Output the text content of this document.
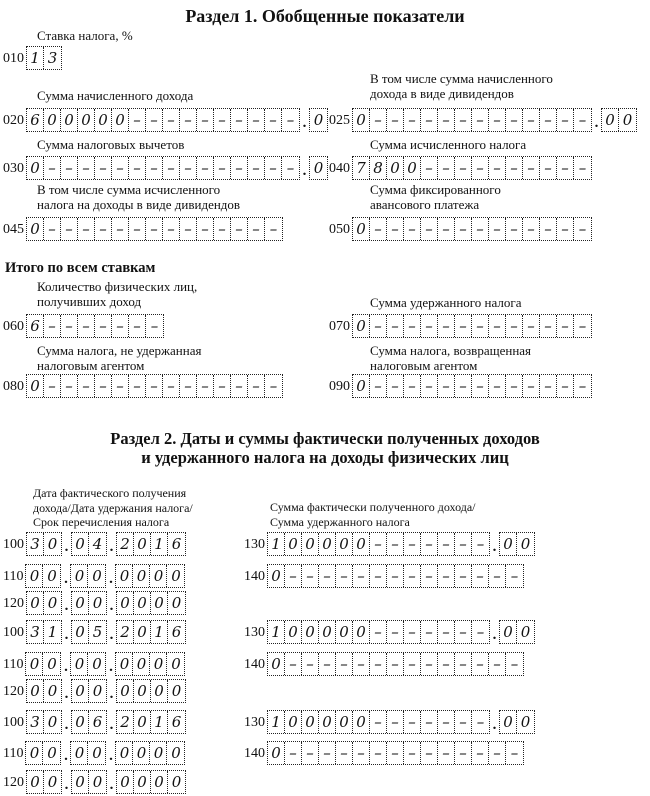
Раздел 1. Обобщенные показатели
Ставка налога, %
010 1 3
Сумма начисленного дохода
020 6 0 0 0 0 0 – – – – – – – – – – . 0
В том числе сумма начисленного
дохода в виде дивидендов
025 0 – – – – – – – – – – – – – . 0 0
Сумма налоговых вычетов
030 0 – – – – – – – – – – – – – – – . 0
Сумма исчисленного налога
040 7 8 0 0 – – – – – – – – – –
В том числе сумма исчисленного
налога на доходы в виде дивидендов
045 0 – – – – – – – – – – – – – –
Сумма фиксированного
авансового платежа
050 0 – – – – – – – – – – – – –
Итого по всем ставкам
Количество физических лиц,
получивших доход
060 6 – – – – – – –
Сумма удержанного налога
070 0 – – – – – – – – – – – – –
Сумма налога, не удержанная
налоговым агентом
080 0 – – – – – – – – – – – – – –
Сумма налога, возвращенная
налоговым агентом
090 0 – – – – – – – – – – – – –
Раздел 2. Даты и суммы фактически полученных доходов
и удержанного налога на доходы физических лиц
Дата фактического получения
дохода/Дата удержания налога/
Срок перечисления налога
Сумма фактически полученного дохода/
Сумма удержанного налога
100 3 0 . 0 4 . 2 0 1 6
110 0 0 . 0 0 . 0 0 0 0
120 0 0 . 0 0 . 0 0 0 0
130 1 0 0 0 0 0 – – – – – – – . 0 0
140 0 – – – – – – – – – – – – – –
100 3 1 . 0 5 . 2 0 1 6
110 0 0 . 0 0 . 0 0 0 0
120 0 0 . 0 0 . 0 0 0 0
130 1 0 0 0 0 0 – – – – – – – . 0 0
140 0 – – – – – – – – – – – – – –
100 3 0 . 0 6 . 2 0 1 6
110 0 0 . 0 0 . 0 0 0 0
120 0 0 . 0 0 . 0 0 0 0
130 1 0 0 0 0 0 – – – – – – – . 0 0
140 0 – – – – – – – – – – – – – –
